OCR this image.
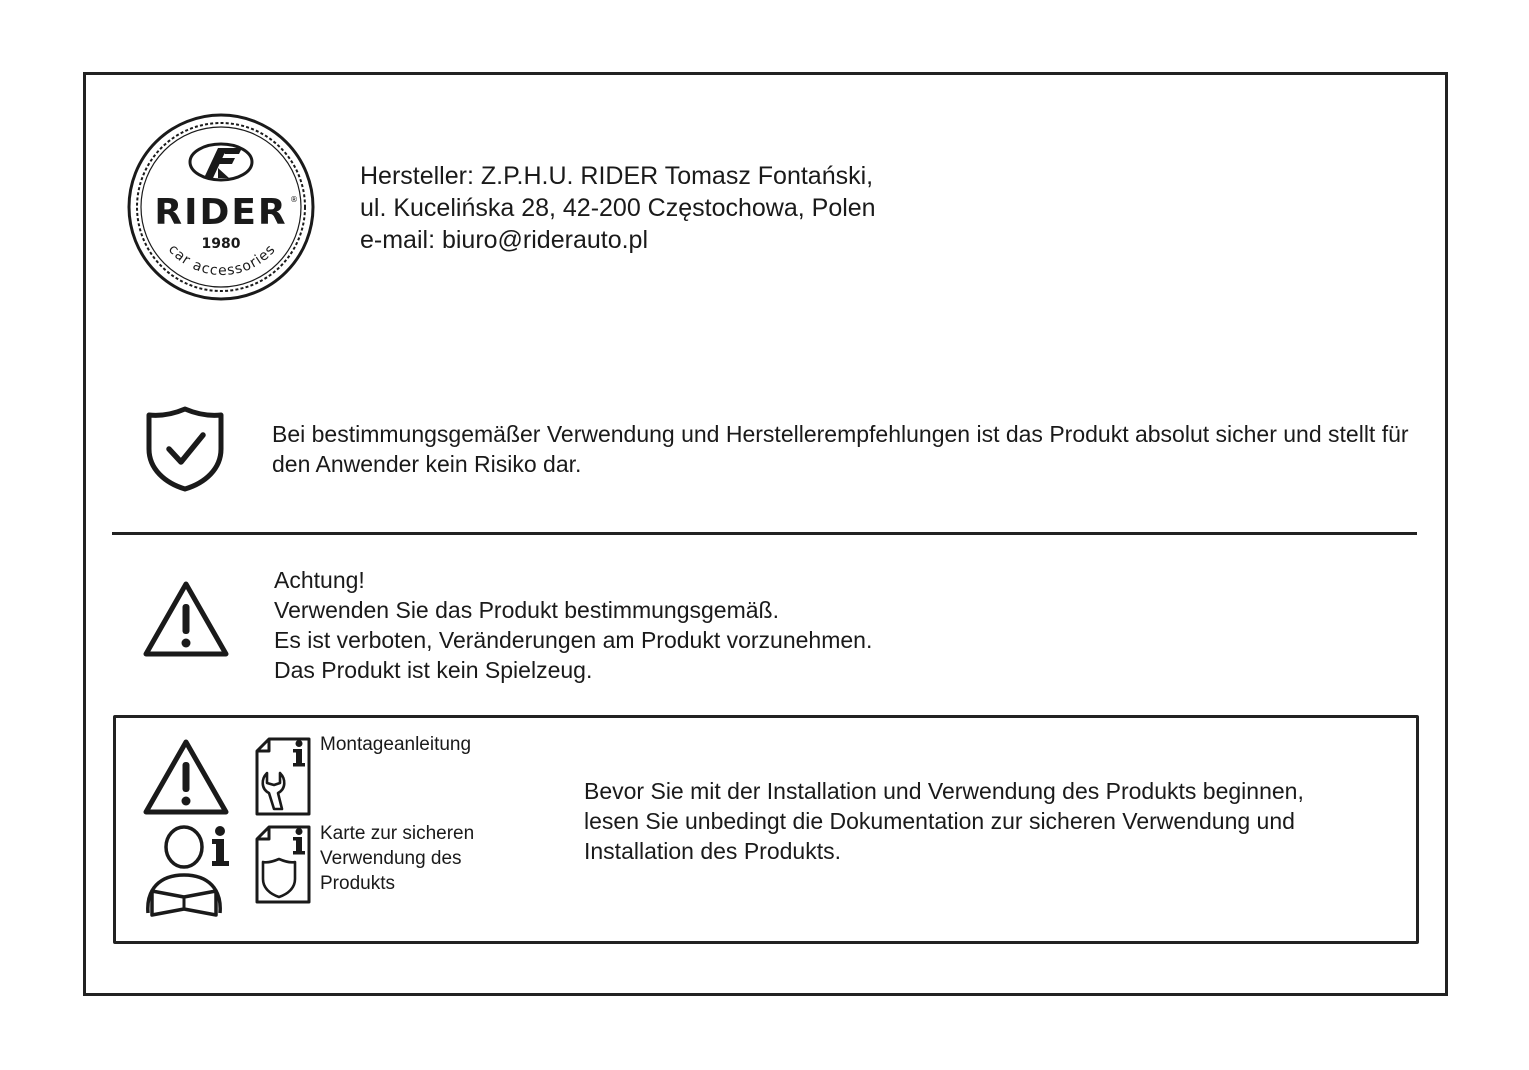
RIDER ®
1980
car accessories
Hersteller: Z.P.H.U. RIDER Tomasz Fontański,
ul. Kucelińska 28, 42-200 Częstochowa, Polen
e-mail: biuro@riderauto.pl
Bei bestimmungsgemäßer Verwendung und Herstellerempfehlungen ist das Produkt absolut sicher und stellt für den Anwender kein Risiko dar.
Achtung!
Verwenden Sie das Produkt bestimmungsgemäß.
Es ist verboten, Veränderungen am Produkt vorzunehmen.
Das Produkt ist kein Spielzeug.
Montageanleitung
Karte zur sicheren
Verwendung des
Produkts
Bevor Sie mit der Installation und Verwendung des Produkts beginnen,
lesen Sie unbedingt die Dokumentation zur sicheren Verwendung und
Installation des Produkts.
